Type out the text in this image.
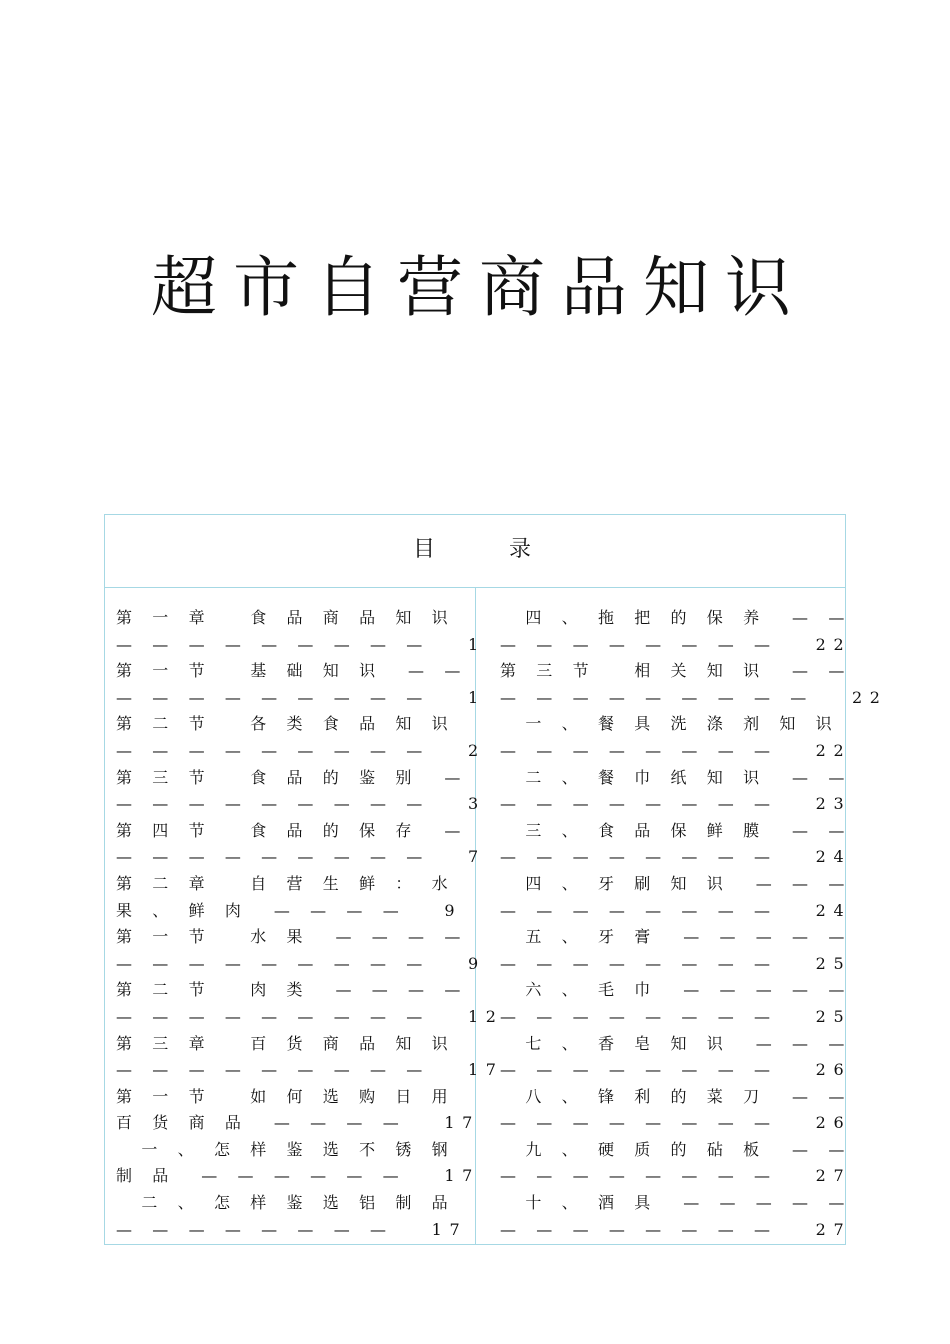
超市自营商品知识
目	录
第 一 章   食 品 商 品 知 识
— — — — — — — — —   1
第 一 节   基 础 知 识  — —
— — — — — — — — —   1
第 二 节   各 类 食 品 知 识
— — — — — — — — —   2
第 三 节   食 品 的 鉴 别  —
— — — — — — — — —   3
第 四 节   食 品 的 保 存  —
— — — — — — — — —   7
第 二 章   自 营 生 鲜 ： 水
果 、 鲜 肉  — — — —   9
第 一 节   水 果  — — — —
— — — — — — — — —   9
第 二 节   肉 类  — — — —
— — — — — — — — —   12
第 三 章   百 货 商 品 知 识
— — — — — — — — —   17
第 一 节   如 何 选 购 日 用
百 货 商 品  — — — —   17
一 、 怎 样 鉴 选 不 锈 钢
制 品  — — — — — —   17
二 、 怎 样 鉴 选 铝 制 品
— — — — — — — —   17
四 、 拖 把 的 保 养  — —
— — — — — — — —   22
第 三 节   相 关 知 识  — —
— — — — — — — — —   22
一 、 餐 具 洗 涤 剂 知 识
— — — — — — — —   22
二 、 餐 巾 纸 知 识  — —
— — — — — — — —   23
三 、 食 品 保 鲜 膜  — —
— — — — — — — —   24
四 、 牙 刷 知 识  — — —
— — — — — — — —   24
五 、 牙 膏  — — — — —
— — — — — — — —   25
六 、 毛 巾  — — — — —
— — — — — — — —   25
七 、 香 皂 知 识  — — —
— — — — — — — —   26
八 、 锋 利 的 菜 刀  — —
— — — — — — — —   26
九 、 硬 质 的 砧 板  — —
— — — — — — — —   27
十 、 酒 具  — — — — —
— — — — — — — —   27
